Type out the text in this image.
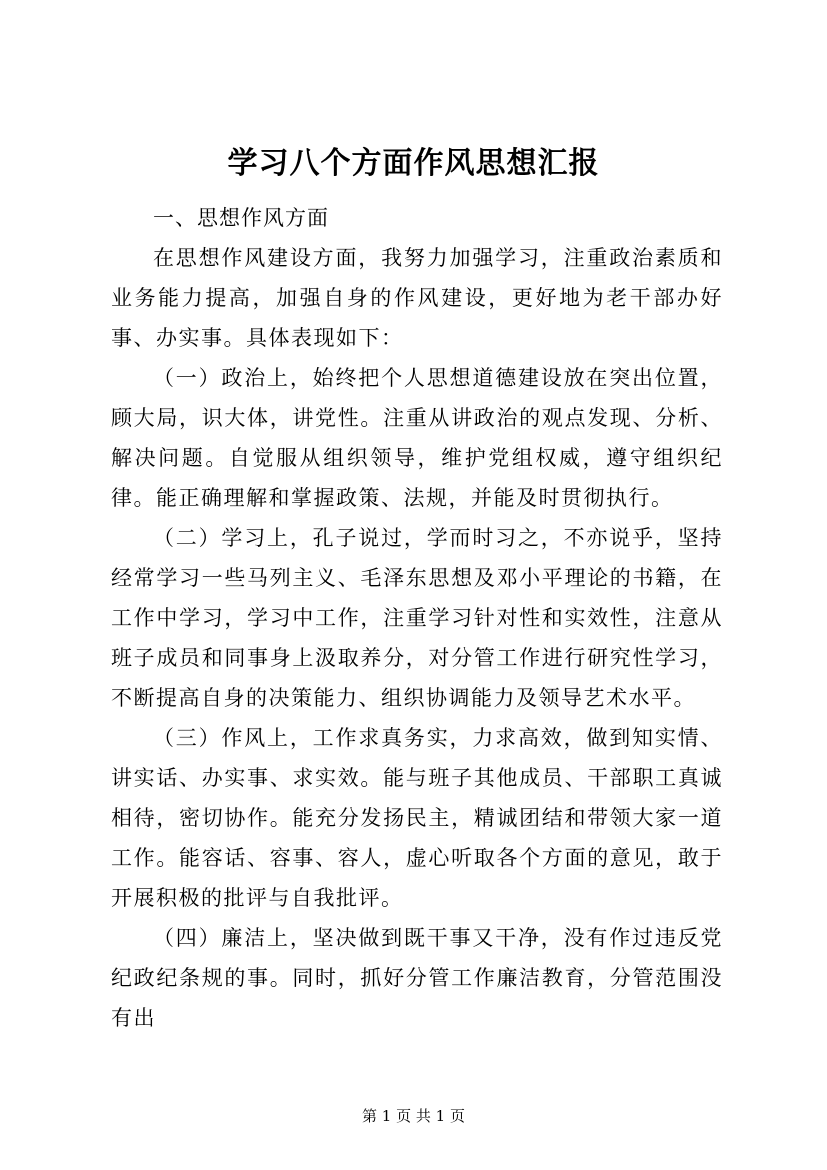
学习八个方面作风思想汇报

一、思想作风方面

在思想作风建设方面，我努力加强学习，注重政治素质和业务能力提高，加强自身的作风建设，更好地为老干部办好事、办实事。具体表现如下：

（一）政治上，始终把个人思想道德建设放在突出位置，顾大局，识大体，讲党性。注重从讲政治的观点发现、分析、解决问题。自觉服从组织领导，维护党组权威，遵守组织纪律。能正确理解和掌握政策、法规，并能及时贯彻执行。

（二）学习上，孔子说过，学而时习之，不亦说乎，坚持经常学习一些马列主义、毛泽东思想及邓小平理论的书籍，在工作中学习，学习中工作，注重学习针对性和实效性，注意从班子成员和同事身上汲取养分，对分管工作进行研究性学习，不断提高自身的决策能力、组织协调能力及领导艺术水平。

（三）作风上，工作求真务实，力求高效，做到知实情、讲实话、办实事、求实效。能与班子其他成员、干部职工真诚相待，密切协作。能充分发扬民主，精诚团结和带领大家一道工作。能容话、容事、容人，虚心听取各个方面的意见，敢于开展积极的批评与自我批评。

（四）廉洁上，坚决做到既干事又干净，没有作过违反党纪政纪条规的事。同时，抓好分管工作廉洁教育，分管范围没有出

第 1 页 共 1 页
